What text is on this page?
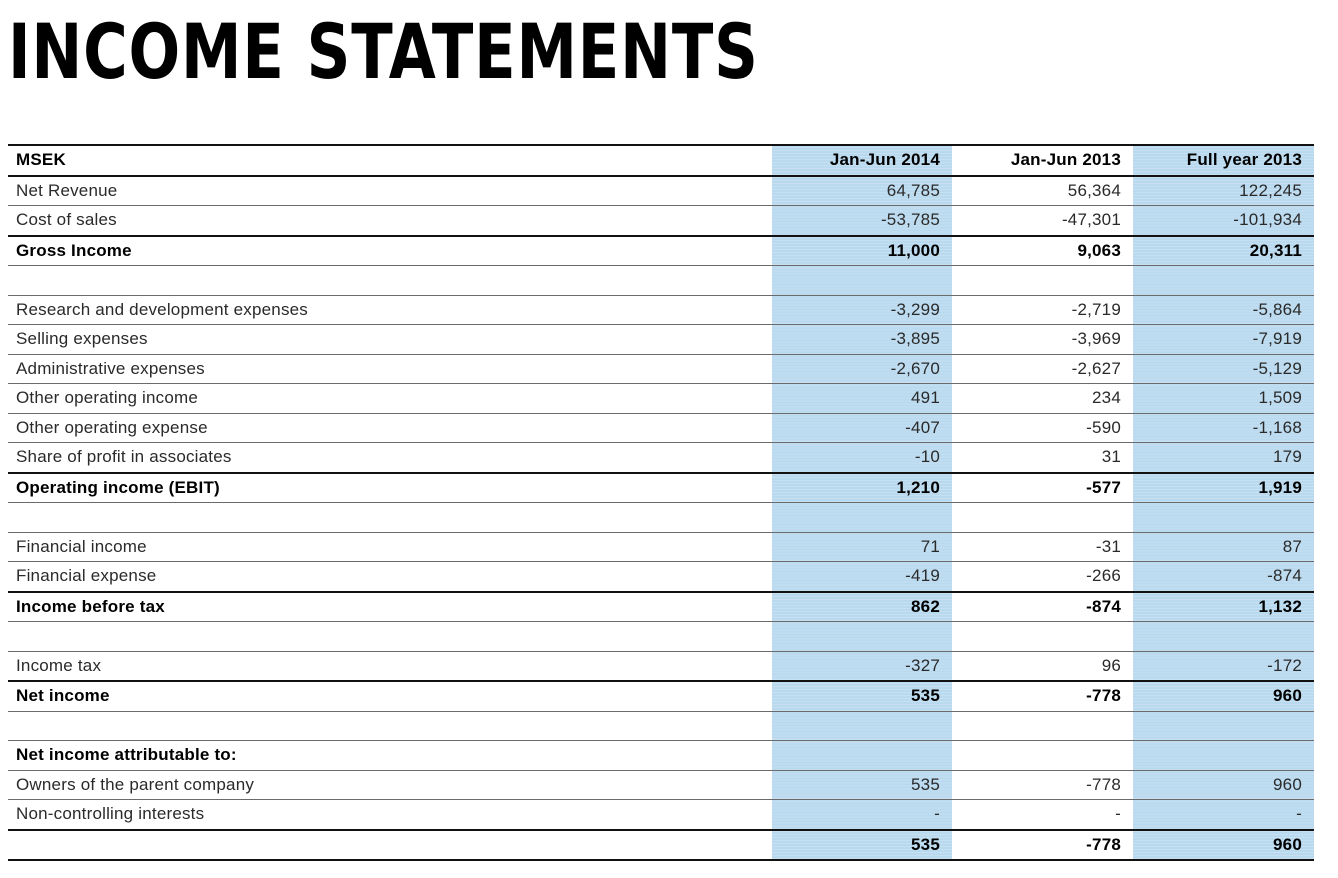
INCOME STATEMENTS
MSEK	Jan-Jun 2014	Jan-Jun 2013	Full year 2013
Net Revenue	64,785	56,364	122,245
Cost of sales	-53,785	-47,301	-101,934
Gross Income	11,000	9,063	20,311

Research and development expenses	-3,299	-2,719	-5,864
Selling expenses	-3,895	-3,969	-7,919
Administrative expenses	-2,670	-2,627	-5,129
Other operating income	491	234	1,509
Other operating expense	-407	-590	-1,168
Share of profit in associates	-10	31	179
Operating income (EBIT)	1,210	-577	1,919

Financial income	71	-31	87
Financial expense	-419	-266	-874
Income before tax	862	-874	1,132

Income tax	-327	96	-172
Net income	535	-778	960

Net income attributable to:			
Owners of the parent company	535	-778	960
Non-controlling interests	-	-	-
	535	-778	960
